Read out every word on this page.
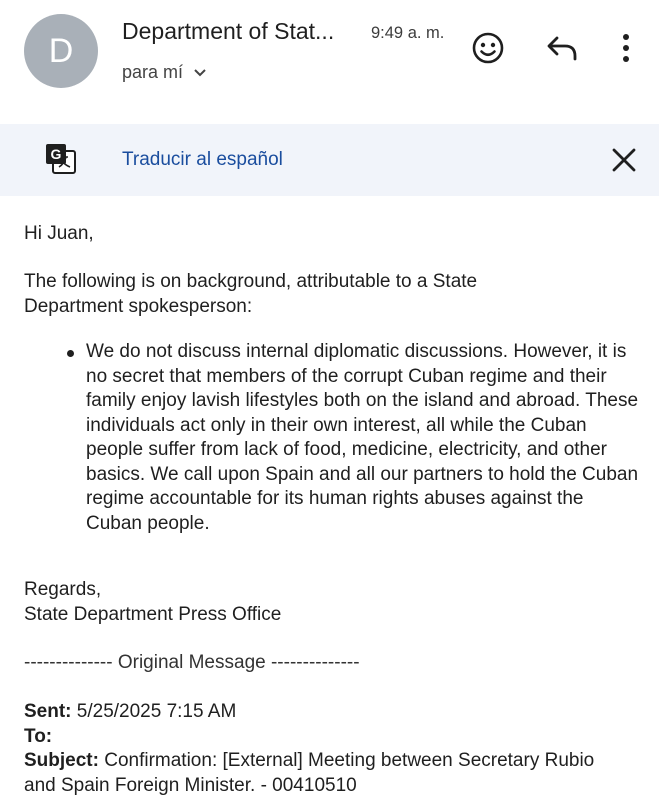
D
Department of Stat... 9:49 a. m.
para mí
G	Traducir al español
Hi Juan,
The following is on background, attributable to a State Department spokesperson:
We do not discuss internal diplomatic discussions. However, it is no secret that members of the corrupt Cuban regime and their family enjoy lavish lifestyles both on the island and abroad. These individuals act only in their own interest, all while the Cuban people suffer from lack of food, medicine, electricity, and other basics. We call upon Spain and all our partners to hold the Cuban regime accountable for its human rights abuses against the Cuban people.
Regards,
State Department Press Office
-------------- Original Message --------------
Sent: 5/25/2025 7:15 AM
To:
Subject: Confirmation: [External] Meeting between Secretary Rubio and Spain Foreign Minister. - 00410510
